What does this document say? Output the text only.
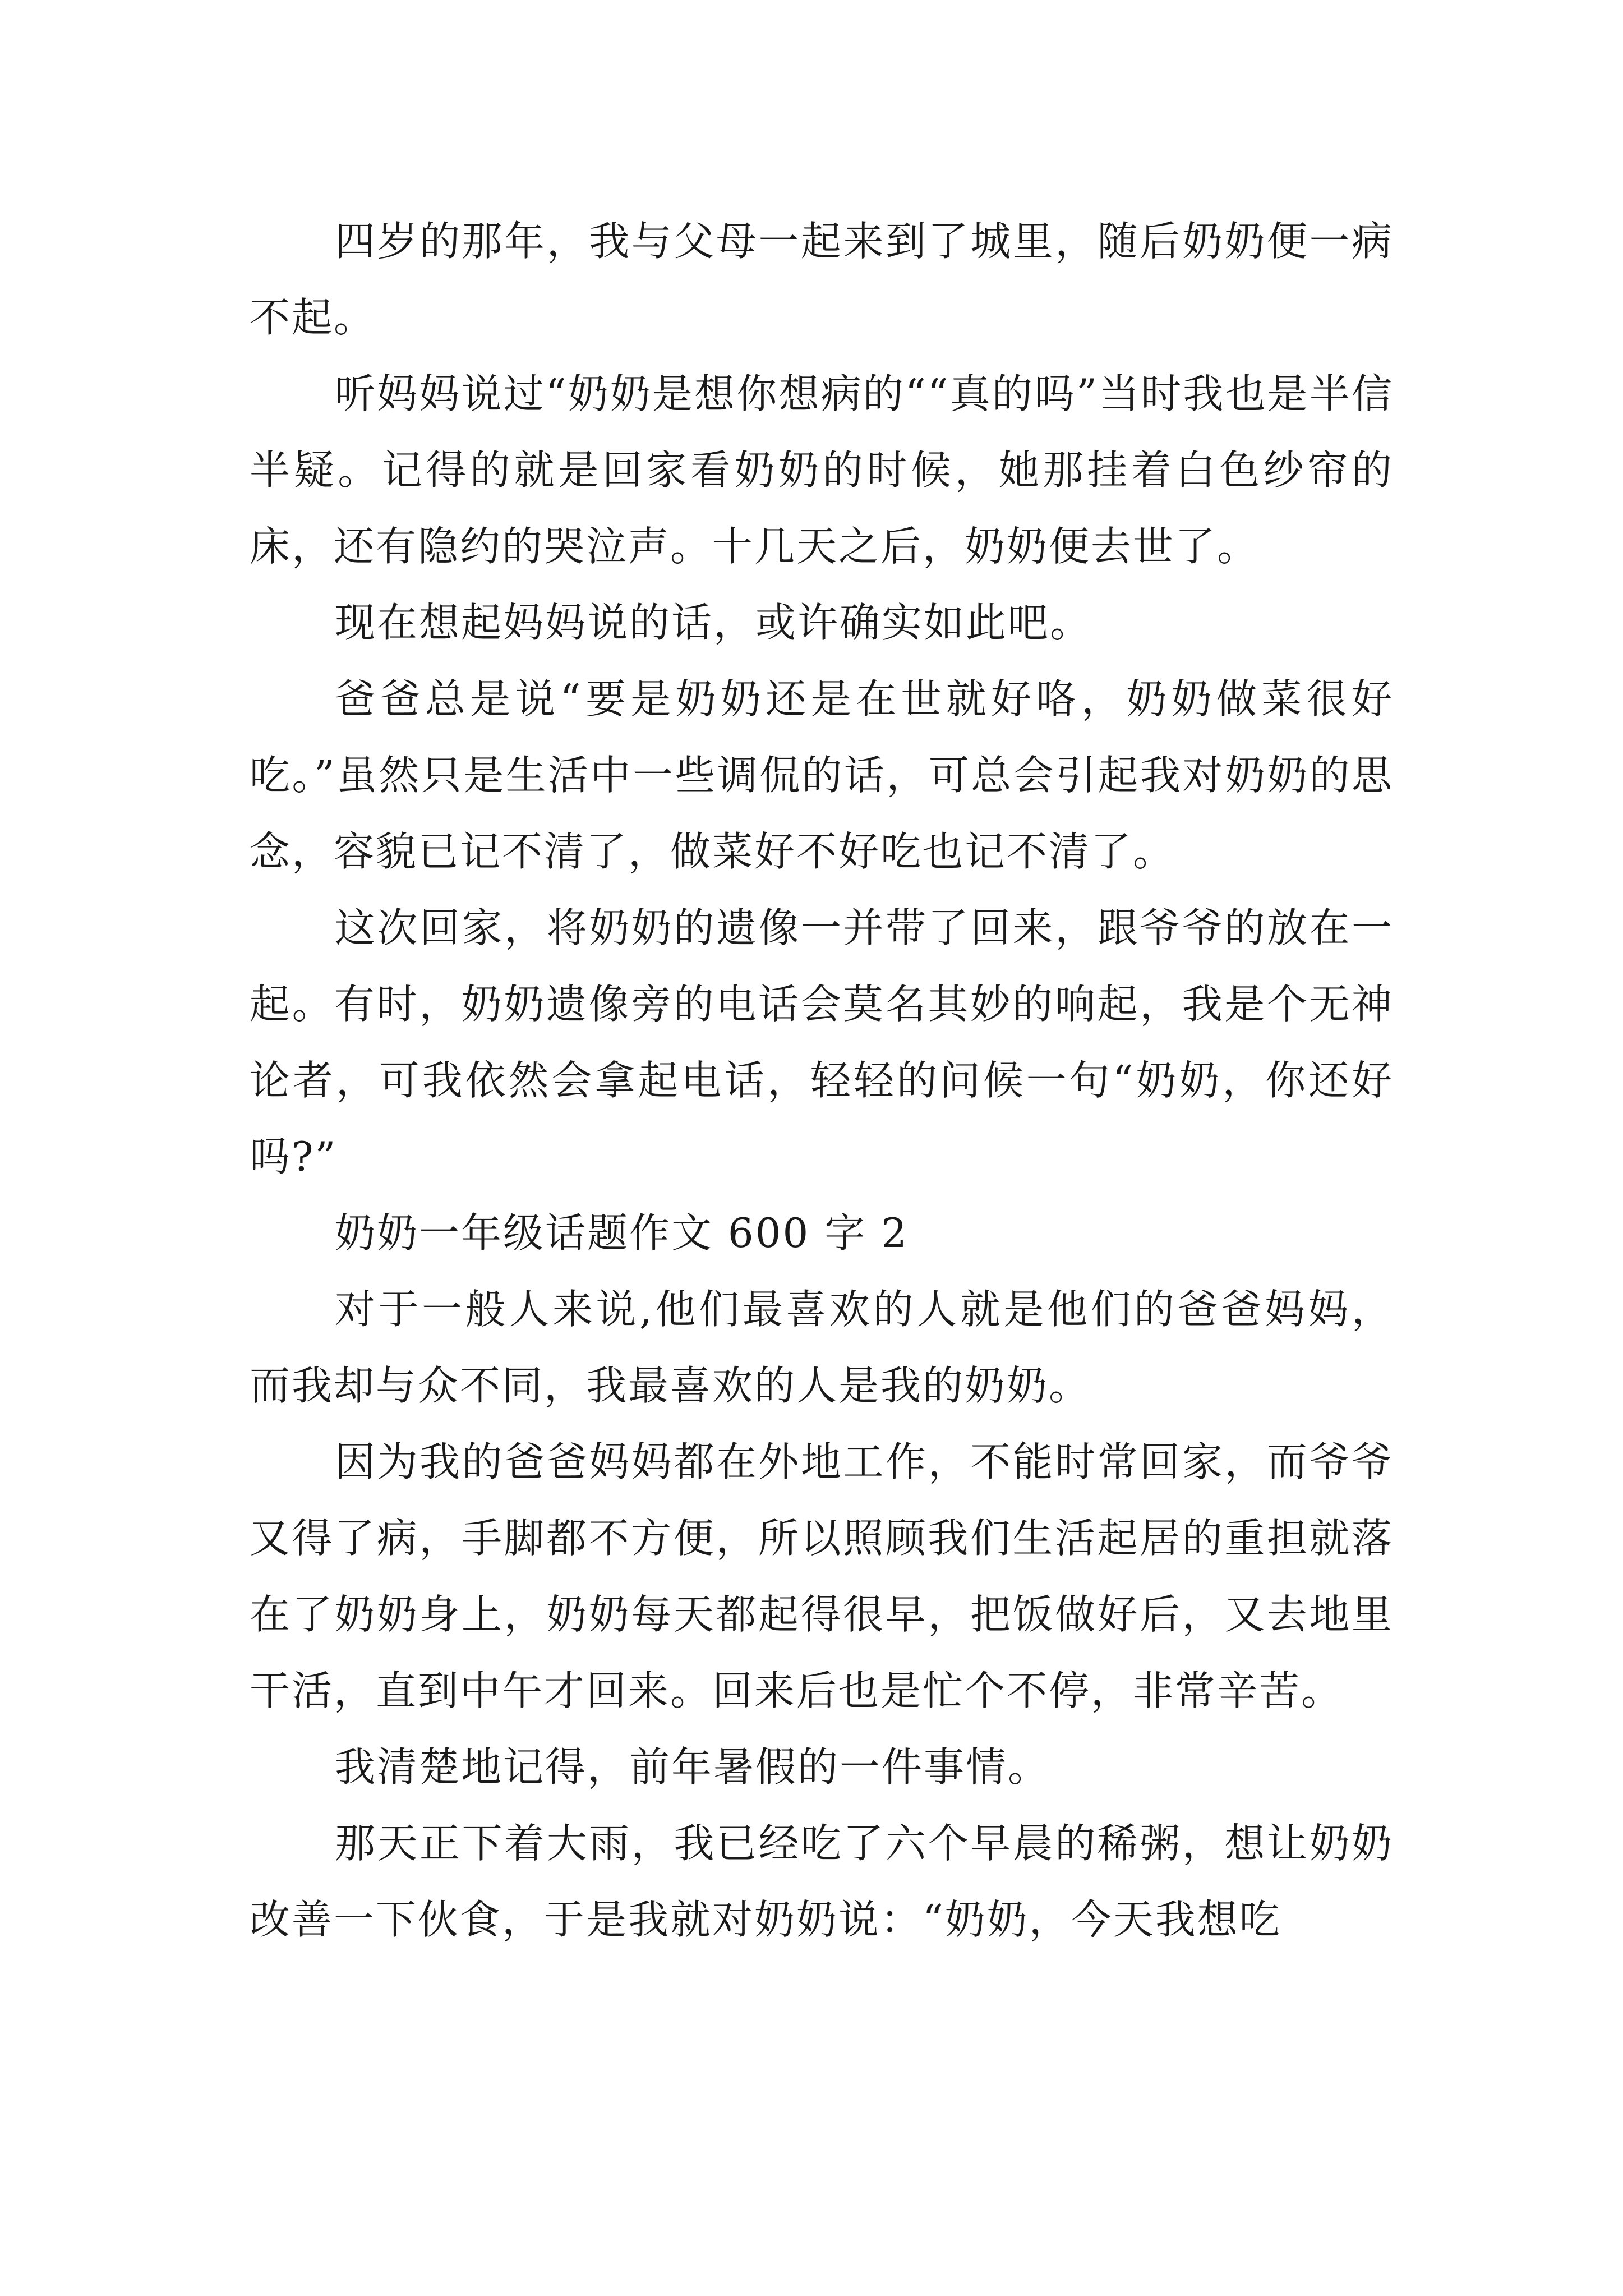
四岁的那年，我与父母一起来到了城里，随后奶奶便一病不起。

听妈妈说过“奶奶是想你想病的““真的吗”当时我也是半信半疑。记得的就是回家看奶奶的时候，她那挂着白色纱帘的床，还有隐约的哭泣声。十几天之后，奶奶便去世了。

现在想起妈妈说的话，或许确实如此吧。

爸爸总是说“要是奶奶还是在世就好咯，奶奶做菜很好吃。”虽然只是生活中一些调侃的话，可总会引起我对奶奶的思念，容貌已记不清了，做菜好不好吃也记不清了。

这次回家，将奶奶的遗像一并带了回来，跟爷爷的放在一起。有时，奶奶遗像旁的电话会莫名其妙的响起，我是个无神论者，可我依然会拿起电话，轻轻的问候一句“奶奶，你还好吗?”

奶奶一年级话题作文 600 字 2

对于一般人来说,他们最喜欢的人就是他们的爸爸妈妈，而我却与众不同，我最喜欢的人是我的奶奶。

因为我的爸爸妈妈都在外地工作，不能时常回家，而爷爷又得了病，手脚都不方便，所以照顾我们生活起居的重担就落在了奶奶身上，奶奶每天都起得很早，把饭做好后，又去地里干活，直到中午才回来。回来后也是忙个不停，非常辛苦。

我清楚地记得，前年暑假的一件事情。

那天正下着大雨，我已经吃了六个早晨的稀粥，想让奶奶改善一下伙食，于是我就对奶奶说：“奶奶，今天我想吃
